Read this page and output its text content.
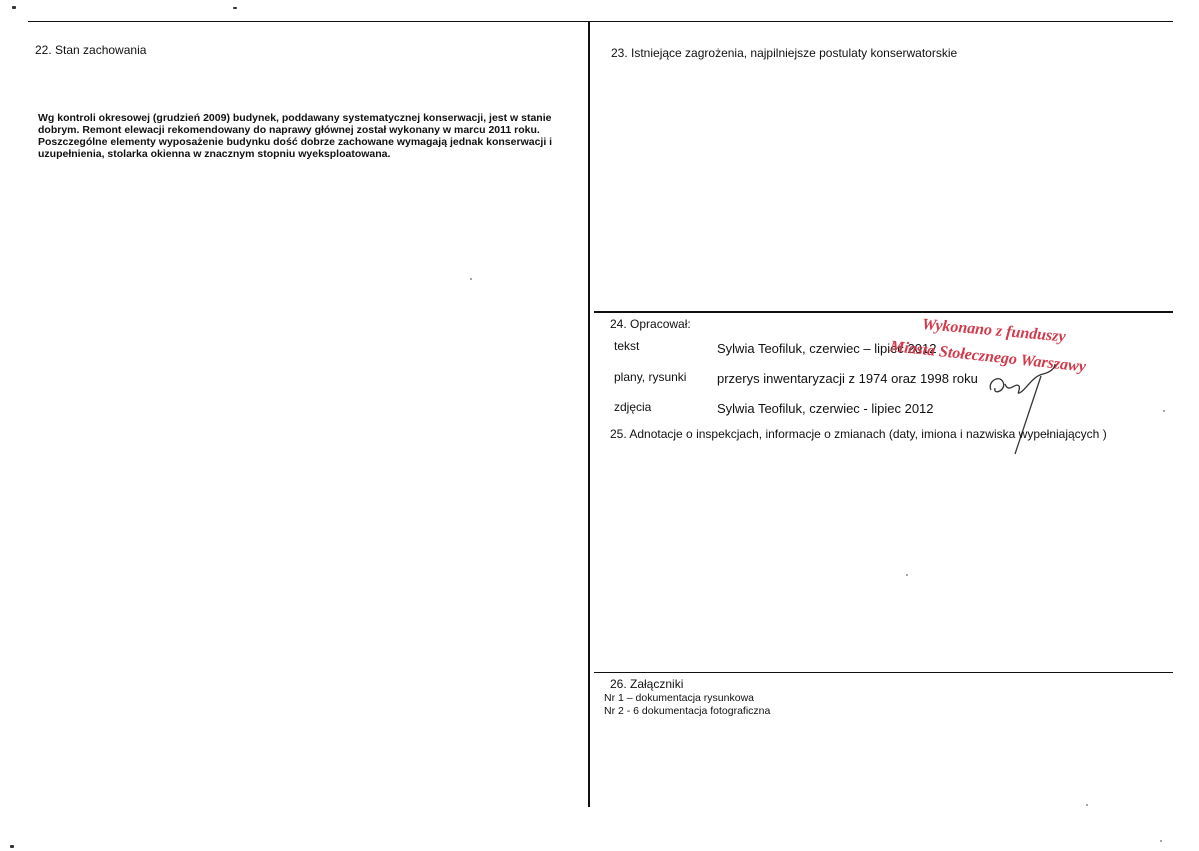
22. Stan zachowania
Wg kontroli okresowej (grudzień 2009) budynek, poddawany systematycznej konserwacji, jest w stanie
dobrym. Remont elewacji rekomendowany do naprawy głównej został wykonany w marcu 2011 roku.
Poszczególne elementy wyposażenie budynku dość dobrze zachowane wymagają jednak konserwacji i
uzupełnienia, stolarka okienna w znacznym stopniu wyeksploatowana.
23. Istniejące zagrożenia, najpilniejsze postulaty konserwatorskie
24. Opracował:
tekst	Sylwia Teofiluk, czerwiec – lipiec 2012
plany, rysunki przerys inwentaryzacji z 1974 oraz 1998 roku
zdjęcia	Sylwia Teofiluk, czerwiec - lipiec 2012
Wykonano z funduszy
Miasta Stołecznego Warszawy
25. Adnotacje o inspekcjach, informacje o zmianach (daty, imiona i nazwiska wypełniających )
26. Załączniki
Nr 1 – dokumentacja rysunkowa
Nr 2 - 6 dokumentacja fotograficzna
